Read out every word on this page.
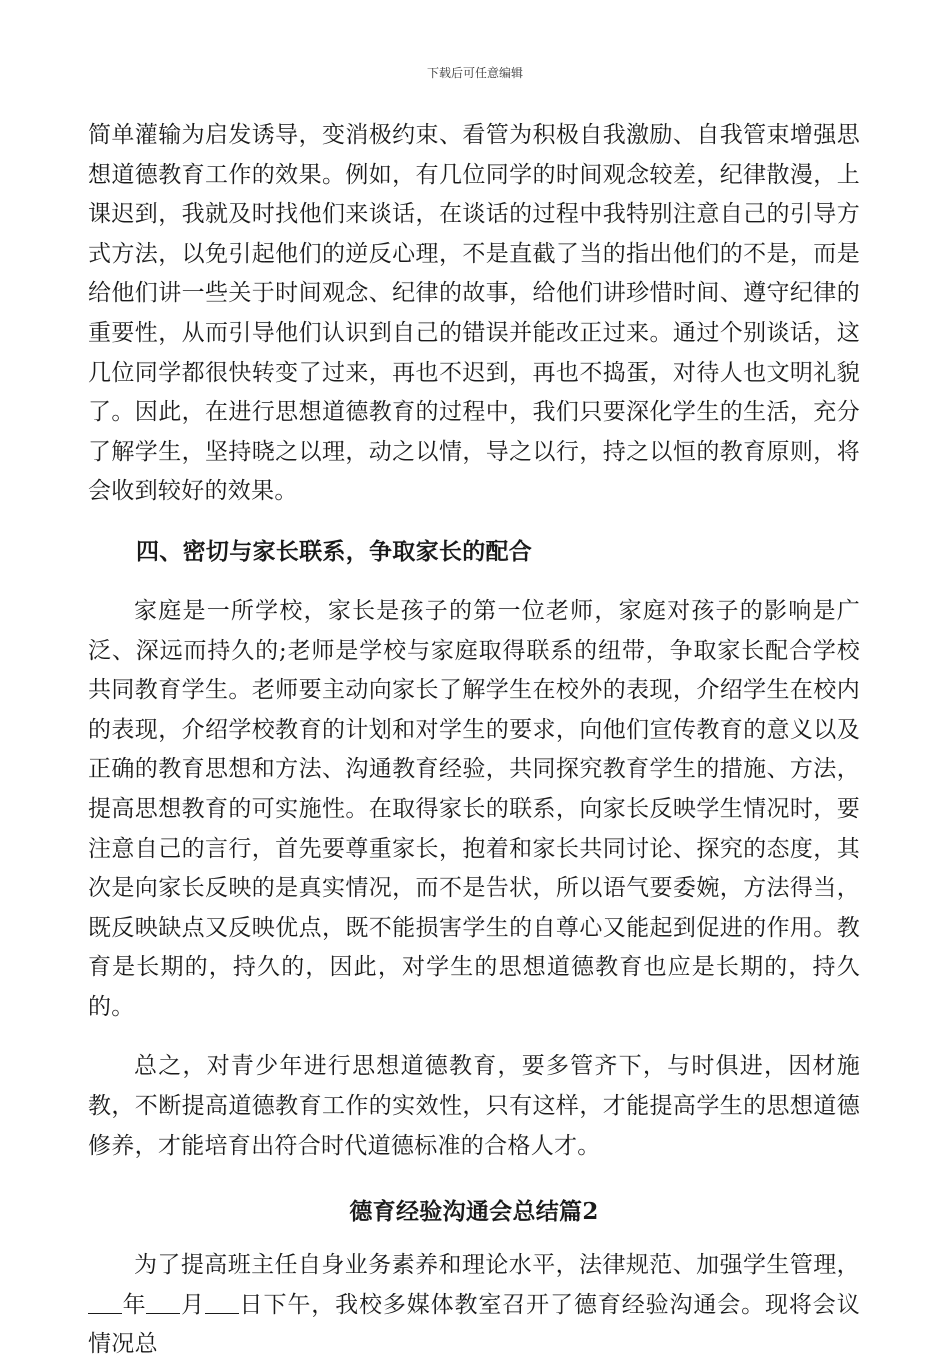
下载后可任意编辑

简单灌输为启发诱导，变消极约束、看管为积极自我激励、自我管束增强思想道德教育工作的效果。例如，有几位同学的时间观念较差，纪律散漫，上课迟到，我就及时找他们来谈话，在谈话的过程中我特别注意自己的引导方式方法，以免引起他们的逆反心理，不是直截了当的指出他们的不是，而是给他们讲一些关于时间观念、纪律的故事，给他们讲珍惜时间、遵守纪律的重要性，从而引导他们认识到自己的错误并能改正过来。通过个别谈话，这几位同学都很快转变了过来，再也不迟到，再也不捣蛋，对待人也文明礼貌了。因此，在进行思想道德教育的过程中，我们只要深化学生的生活，充分了解学生，坚持晓之以理，动之以情，导之以行，持之以恒的教育原则，将会收到较好的效果。

四、密切与家长联系，争取家长的配合

家庭是一所学校，家长是孩子的第一位老师，家庭对孩子的影响是广泛、深远而持久的;老师是学校与家庭取得联系的纽带，争取家长配合学校共同教育学生。老师要主动向家长了解学生在校外的表现，介绍学生在校内的表现，介绍学校教育的计划和对学生的要求，向他们宣传教育的意义以及正确的教育思想和方法、沟通教育经验，共同探究教育学生的措施、方法，提高思想教育的可实施性。在取得家长的联系，向家长反映学生情况时，要注意自己的言行，首先要尊重家长，抱着和家长共同讨论、探究的态度，其次是向家长反映的是真实情况，而不是告状，所以语气要委婉，方法得当，既反映缺点又反映优点，既不能损害学生的自尊心又能起到促进的作用。教育是长期的，持久的，因此，对学生的思想道德教育也应是长期的，持久的。

总之，对青少年进行思想道德教育，要多管齐下，与时俱进，因材施教，不断提高道德教育工作的实效性，只有这样，才能提高学生的思想道德修养，才能培育出符合时代道德标准的合格人才。

德育经验沟通会总结篇2

为了提高班主任自身业务素养和理论水平，法律规范、加强学生管理，年 月 日下午，我校多媒体教室召开了德育经验沟通会。现将会议情况总
